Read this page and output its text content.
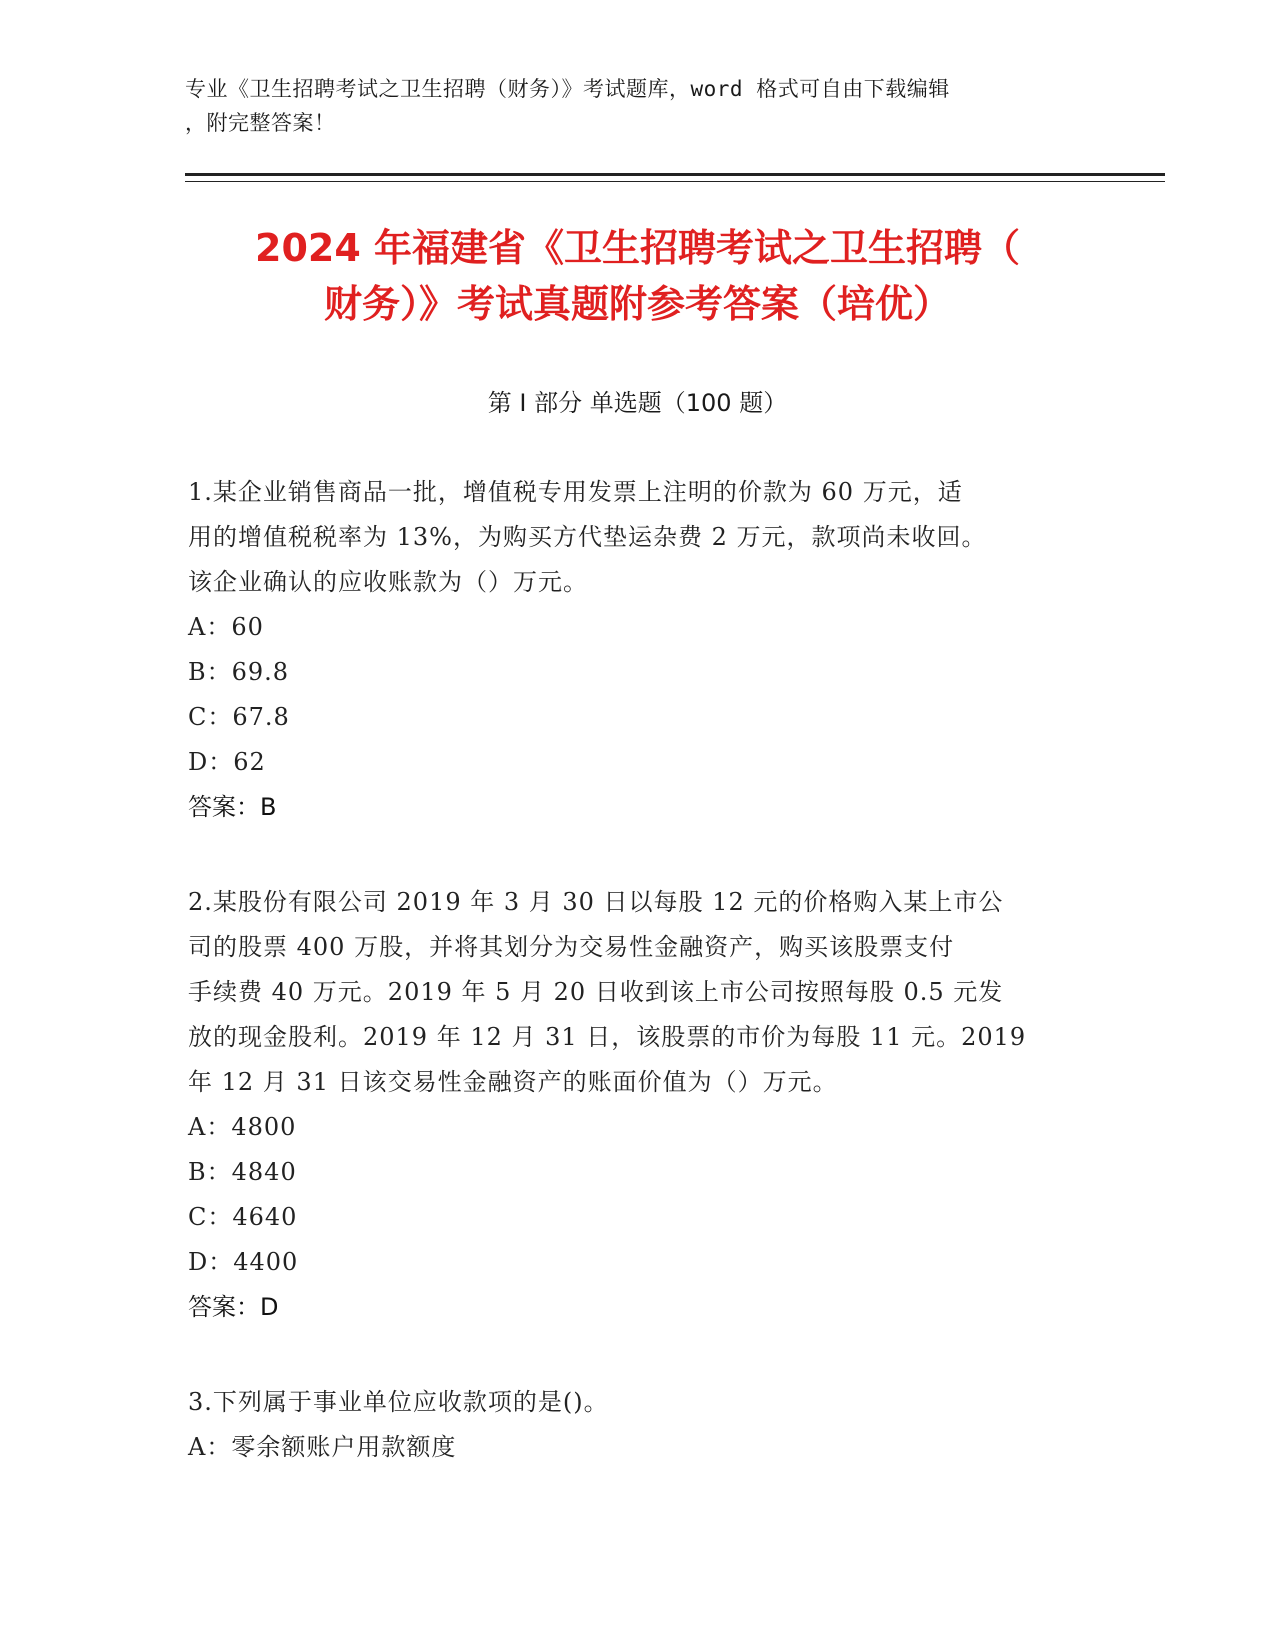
专业《卫生招聘考试之卫生招聘（财务）》考试题库，word 格式可自由下载编辑
，附完整答案！
2024 年福建省《卫生招聘考试之卫生招聘（
财务）》考试真题附参考答案（培优）
第 I 部分 单选题（100 题）
1.某企业销售商品一批，增值税专用发票上注明的价款为 60 万元，适
用的增值税税率为 13%，为购买方代垫运杂费 2 万元，款项尚未收回。
该企业确认的应收账款为（）万元。
A：60
B：69.8
C：67.8
D：62
答案：B
2.某股份有限公司 2019 年 3 月 30 日以每股 12 元的价格购入某上市公
司的股票 400 万股，并将其划分为交易性金融资产，购买该股票支付
手续费 40 万元。2019 年 5 月 20 日收到该上市公司按照每股 0.5 元发
放的现金股利。2019 年 12 月 31 日，该股票的市价为每股 11 元。2019
年 12 月 31 日该交易性金融资产的账面价值为（）万元。
A：4800
B：4840
C：4640
D：4400
答案：D
3.下列属于事业单位应收款项的是()。
A：零余额账户用款额度
